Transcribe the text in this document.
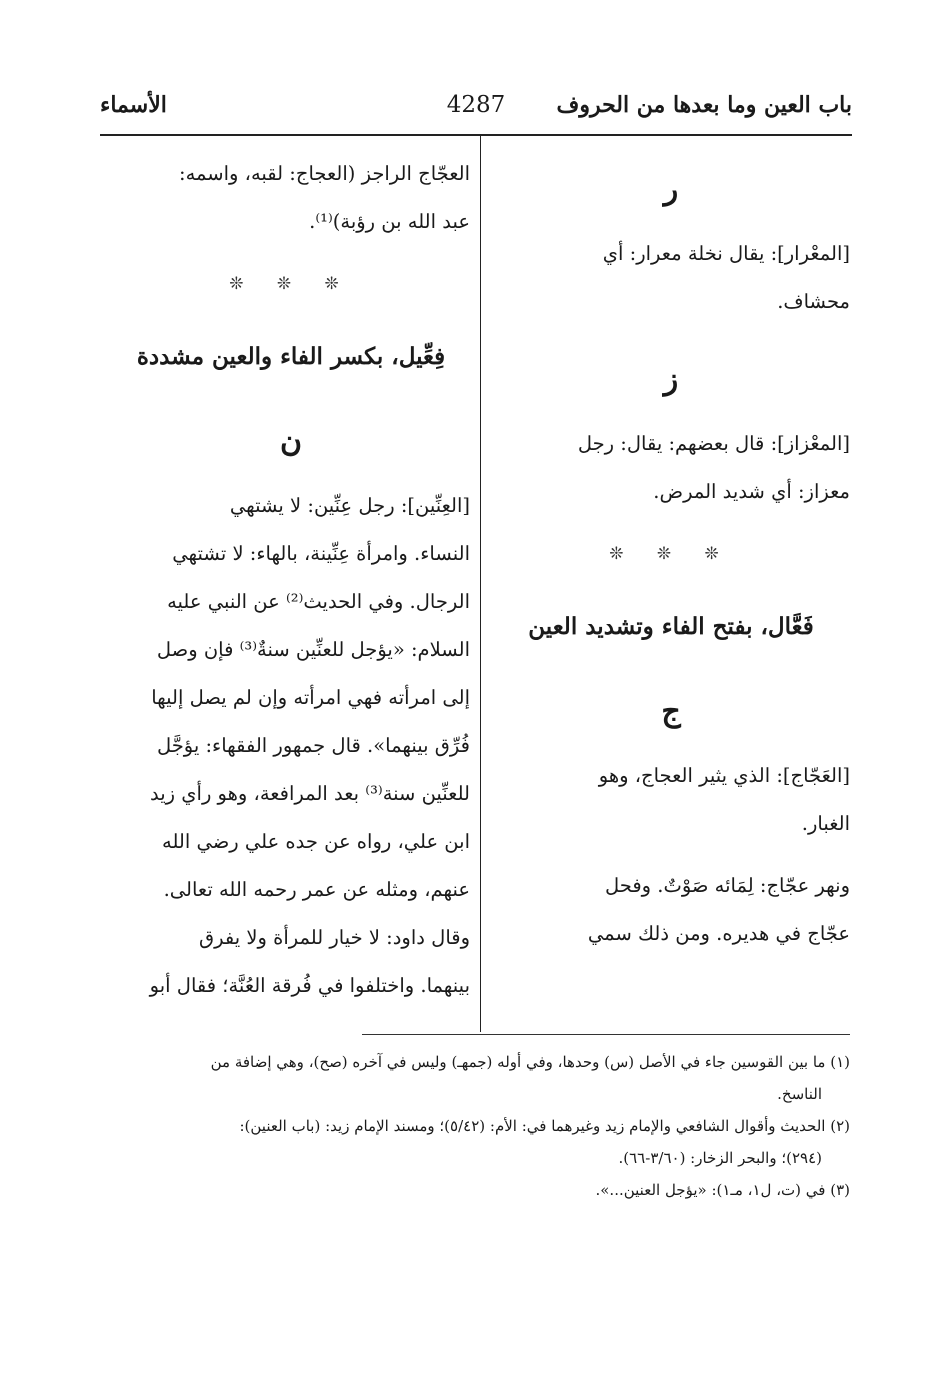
باب العين وما بعدها من الحروف
4287
الأسماء
ر

[المعْرار]: يقال نخلة معرار: أي

محشاف.

ز

[المعْزاز]: قال بعضهم: يقال: رجل

معزاز: أي شديد المرض.

❊ ❊ ❊
فَعَّال، بفتح الفاء وتشديد العين
ج

[العَجّاج]: الذي يثير العجاج، وهو

الغبار.

ونهر عجّاج: لِمَائه صَوْتٌ. وفحل

عجّاج في هديره. ومن ذلك سمي

العجّاج الراجز (العجاج: لقبه، واسمه:

عبد الله بن رؤبة)⁽¹⁾.

❊ ❊ ❊
فِعِّيل، بكسر الفاء والعين مشددة
ن

[العِنِّين]: رجل عِنِّين: لا يشتهي

النساء. وامرأة عِنِّينة، بالهاء: لا تشتهي

الرجال. وفي الحديث⁽²⁾ عن النبي عليه

السلام: «يؤجل للعنِّين سنةٌ⁽³⁾ فإن وصل

إلى امرأته فهي امرأته وإن لم يصل إليها

فُرِّق بينهما». قال جمهور الفقهاء: يؤجَّل

للعنِّين سنة⁽³⁾ بعد المرافعة، وهو رأي زيد

ابن علي، رواه عن جده علي رضي الله

عنهم، ومثله عن عمر رحمه الله تعالى.

وقال داود: لا خيار للمرأة ولا يفرق

بينهما. واختلفوا في فُرقة العُنَّة؛ فقال أبو

(١) ما بين القوسين جاء في الأصل (س) وحدها، وفي أوله (جمهـ) وليس في آخره (صح)، وهي إضافة من
الناسخ.
(٢) الحديث وأقوال الشافعي والإمام زيد وغيرهما في: الأم: (٥/٤٢)؛ ومسند الإمام زيد: (باب العنين):
(٢٩٤)؛ والبحر الزخار: (٣/٦٠-٦٦).
(٣) في (ت، ل١، مـ١): «يؤجل العنين...».
